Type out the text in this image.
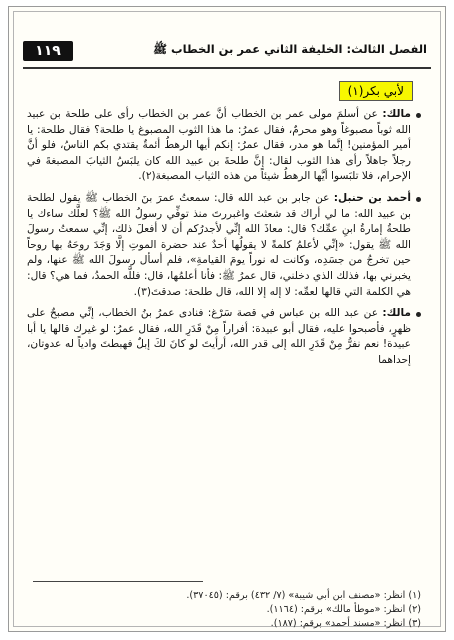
١١٩	الفصل الثالث: الخليفة الثاني عمر بن الخطاب ﷺ
لأبي بكر(١)

مالك: عن أسلمَ مولى عمر بن الخطاب أنَّ عمر بن الخطاب رأى على طلحة بن عبيد الله ثوباً مصبوغاً وهو محرمٌ، فقال عمرُ: ما هذا الثوب المصبوغ يا طلحة؟ فقال طلحة: يا أمير المؤمنين! إنَّما هو مدر، فقال عمرُ: إنكم أيها الرهطُ أئمةٌ يقتدي بكم الناسُ، فلو أنَّ رجلاً جاهلاً رأى هذا الثوب لقال: إنَّ طلحةَ بن عبيد الله كان يلبَسُ الثيابَ المصبغةَ في الإحرام، فلا تلبَسوا أيَّها الرهطُ شيئاً من هذه الثياب المصبغة(٢).

أحمد بن حنبل: عن جابر بن عبد الله قال: سمعتُ عمرَ بنَ الخطاب ﷺ يقول لطلحة بن عبيد الله: ما لي أراك قد شعثتَ واغبررتَ منذ توفِّي رسولُ الله ﷺ؟ لعلَّك ساءك يا طلحةُ إمارةُ ابنِ عمِّك؟ قال: معاذَ الله إنِّي لأجدرُكم أن لا أفعلَ ذلك، إنِّي سمعتُ رسولَ الله ﷺ يقول: «إنِّي لأعلمُ كلمةً لا يقولُها أحدٌ عند حضرة الموتِ إلَّا وَجَدَ روحَهُ بها روحاً حين تخرجُ من جسَدِه، وكانت له نوراً يومَ القيامةِ»، فلم أسأل رسولَ الله ﷺ عنها، ولم يخبرني بها، فذلك الذي دخلني، قال عمرُ ﷺ: فأنا أعلمُها، قال: فللَّه الحمدُ، فما هي؟ قال: هي الكلمة التي قالها لعمِّه: لا إله إلا الله، قال طلحة: صدقتَ(٣).

مالك: عن عبد الله بن عباس في قصة سَرْغ: فنادى عمرُ بنُ الخطاب، إنِّي مصبحٌ على ظهرٍ، فأصبحوا عليه، فقال أبو عبيدة: أفراراً مِنْ قَدَرِ الله، فقال عمرُ: لو غيرك قالها يا أبا عبيدة! نعم نفرُّ مِنْ قَدَرِ الله إلى قدر الله، أرأيتَ لو كانَ لكَ إبلٌ فهبطتَ وادياً له عدوتان، إحداهما

(١) انظر: «مصنف ابن أبي شيبة» (٧/ ٤٣٢) برقم: (٣٧٠٤٥).
(٢) انظر: «موطأ مالك» برقم: (١١٦٤).
(٣) انظر: «مسند أحمد» برقم: (١٨٧).
